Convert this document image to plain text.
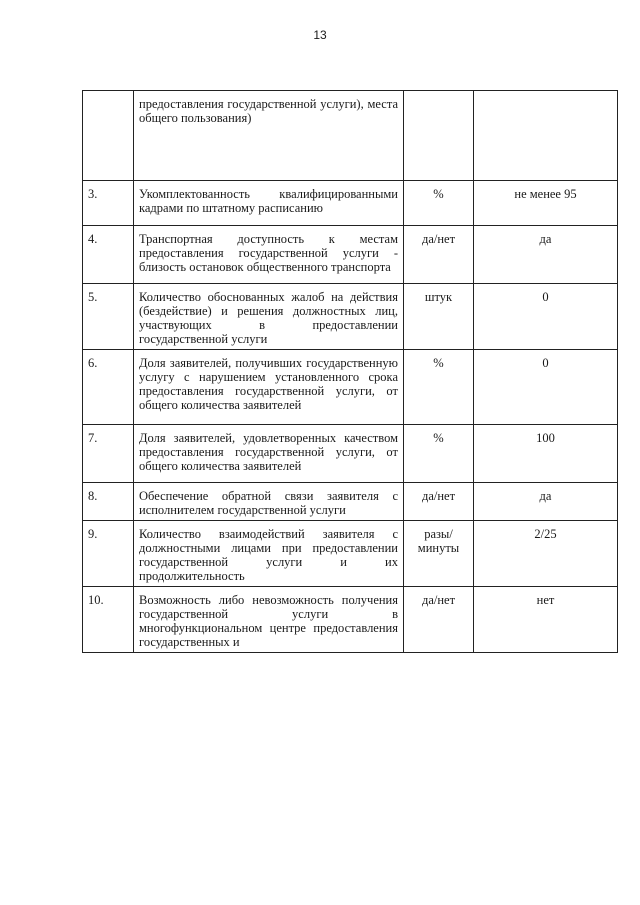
13
	предоставления государственной услуги), места общего пользования)		
3.	Укомплектованность квалифицированными кадрами по штатному расписанию	%	не менее 95
4.	Транспортная доступность к местам предоставления государственной услуги - близость остановок общественного транспорта	да/нет	да
5.	Количество обоснованных жалоб на действия (бездействие) и решения должностных лиц, участвующих в предоставлении государственной услуги	штук	0
6.	Доля заявителей, получивших государственную услугу с нарушением установленного срока предоставления государственной услуги, от общего количества заявителей	%	0
7.	Доля заявителей, удовлетворенных качеством предоставления государственной услуги, от общего количества заявителей	%	100
8.	Обеспечение обратной связи заявителя с исполнителем государственной услуги	да/нет	да
9.	Количество взаимодействий заявителя с должностными лицами при предоставлении государственной услуги и их продолжительность	разы/минуты	2/25
10.	Возможность либо невозможность получения государственной услуги в многофункциональном центре предоставления государственных и	да/нет	нет
